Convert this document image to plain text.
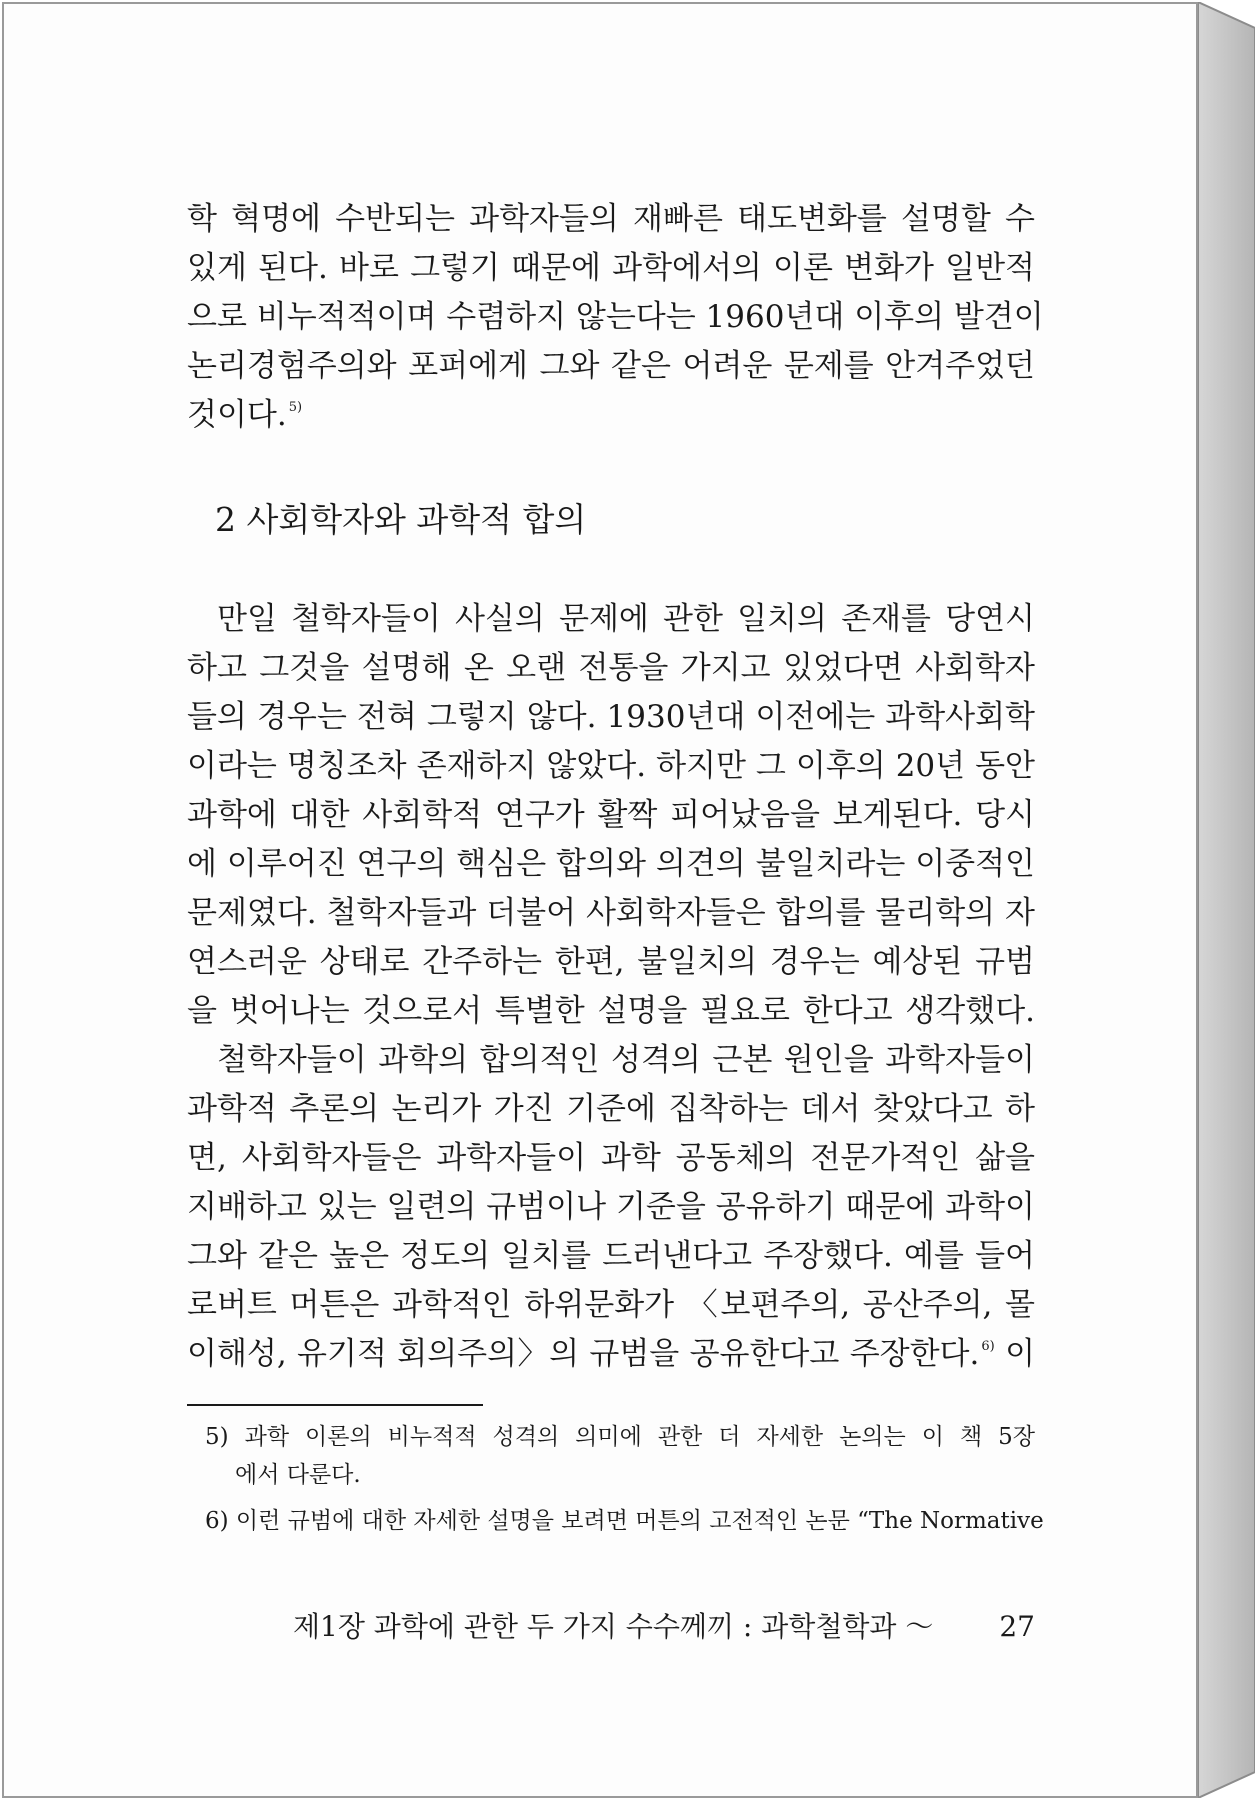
학 혁명에 수반되는 과학자들의 재빠른 태도변화를 설명할 수
있게 된다. 바로 그렇기 때문에 과학에서의 이론 변화가 일반적
으로 비누적적이며 수렴하지 않는다는 1960년대 이후의 발견이
논리경험주의와 포퍼에게 그와 같은 어려운 문제를 안겨주었던
것이다. $^{5)}$
만일 철학자들이 사실의 문제에 관한 일치의 존재를 당연시
하고 그것을 설명해 온 오랜 전통을 가지고 있었다면 사회학자
들의 경우는 전혀 그렇지 않다. 1930년대 이전에는 과학사회학
이라는 명칭조차 존재하지 않았다. 하지만 그 이후의 20년 동안
과학에 대한 사회학적 연구가 활짝 피어났음을 보게된다. 당시
에 이루어진 연구의 핵심은 합의와 의견의 불일치라는 이중적인
문제였다. 철학자들과 더불어 사회학자들은 합의를 물리학의 자
연스러운 상태로 간주하는 한편, 불일치의 경우는 예상된 규범
을 벗어나는 것으로서 특별한 설명을 필요로 한다고 생각했다.
철학자들이 과학의 합의적인 성격의 근본 원인을 과학자들이
과학적 추론의 논리가 가진 기준에 집착하는 데서 찾았다고 하
면, 사회학자들은 과학자들이 과학 공동체의 전문가적인 삶을
지배하고 있는 일련의 규범이나 기준을 공유하기 때문에 과학이
그와 같은 높은 정도의 일치를 드러낸다고 주장했다. 예를 들어
로버트 머튼은 과학적인 하위문화가 〈보편주의, 공산주의, 몰
이해성, 유기적 회의주의〉의 규범을 공유한다고 주장한다. $^{6)}$ 이
2 사회학자와 과학적 합의
5) 과학 이론의 비누적적 성격의 의미에 관한 더 자세한 논의는 이 책 5장
에서 다룬다.
6) 이런 규범에 대한 자세한 설명을 보려면 머튼의 고전적인 논문 “The Normative
제1장 과학에 관한 두 가지 수수께끼 : 과학철학과 ～ 27
